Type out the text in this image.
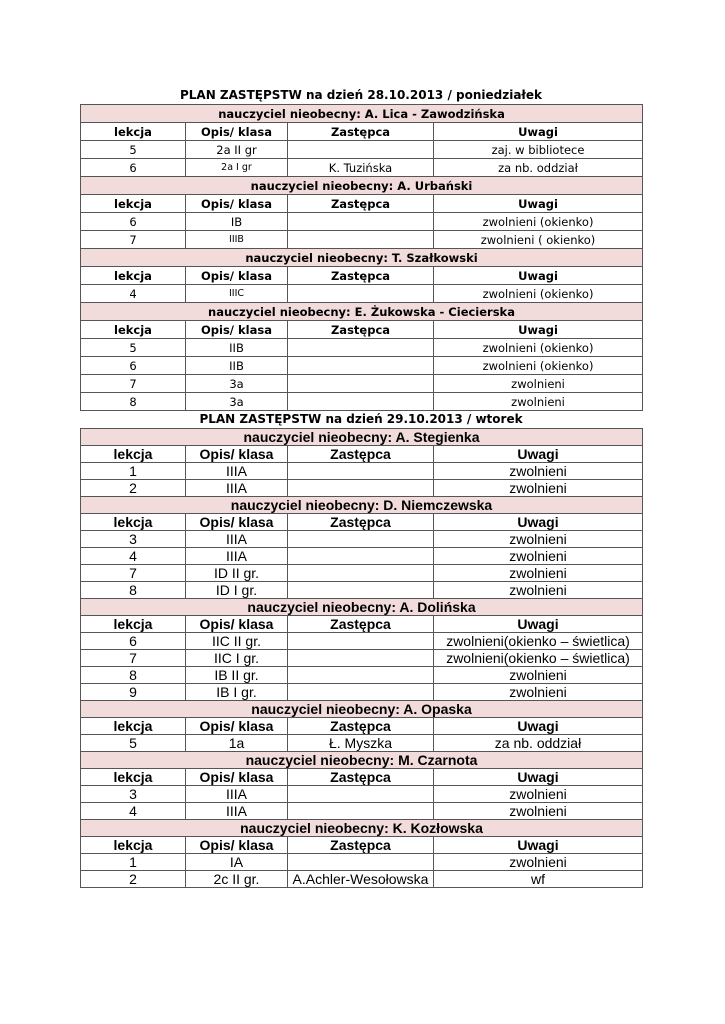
PLAN ZASTĘPSTW na dzień 28.10.2013 / poniedziałek
nauczyciel nieobecny: A. Lica - Zawodzińska			
lekcja	Opis/ klasa	Zastępca	Uwagi
5	2a II gr		zaj. w bibliotece
6	2a I gr	K. Tuzińska	za nb. oddział
nauczyciel nieobecny: A. Urbański			
lekcja	Opis/ klasa	Zastępca	Uwagi
6	IB		zwolnieni (okienko)
7	IIIB		zwolnieni ( okienko)
nauczyciel nieobecny: T. Szałkowski			
lekcja	Opis/ klasa	Zastępca	Uwagi
4	IIIC		zwolnieni (okienko)
nauczyciel nieobecny: E. Żukowska - Ciecierska			
lekcja	Opis/ klasa	Zastępca	Uwagi
5	IIB		zwolnieni (okienko)
6	IIB		zwolnieni (okienko)
7	3a		zwolnieni
8	3a		zwolnieni
PLAN ZASTĘPSTW na dzień 29.10.2013 / wtorek
nauczyciel nieobecny: A. Stegienka			
lekcja	Opis/ klasa	Zastępca	Uwagi
1	IIIA		zwolnieni
2	IIIA		zwolnieni
nauczyciel nieobecny: D. Niemczewska			
lekcja	Opis/ klasa	Zastępca	Uwagi
3	IIIA		zwolnieni
4	IIIA		zwolnieni
7	ID II gr.		zwolnieni
8	ID I gr.		zwolnieni
nauczyciel nieobecny: A. Dolińska			
lekcja	Opis/ klasa	Zastępca	Uwagi
6	IIC II gr.		zwolnieni(okienko – świetlica)
7	IIC I gr.		zwolnieni(okienko – świetlica)
8	IB II gr.		zwolnieni
9	IB I gr.		zwolnieni
nauczyciel nieobecny: A. Opaska			
lekcja	Opis/ klasa	Zastępca	Uwagi
5	1a	Ł. Myszka	za nb. oddział
nauczyciel nieobecny: M. Czarnota			
lekcja	Opis/ klasa	Zastępca	Uwagi
3	IIIA		zwolnieni
4	IIIA		zwolnieni
nauczyciel nieobecny: K. Kozłowska			
lekcja	Opis/ klasa	Zastępca	Uwagi
1	IA		zwolnieni
2	2c II gr.	A.Achler-Wesołowska	wf
